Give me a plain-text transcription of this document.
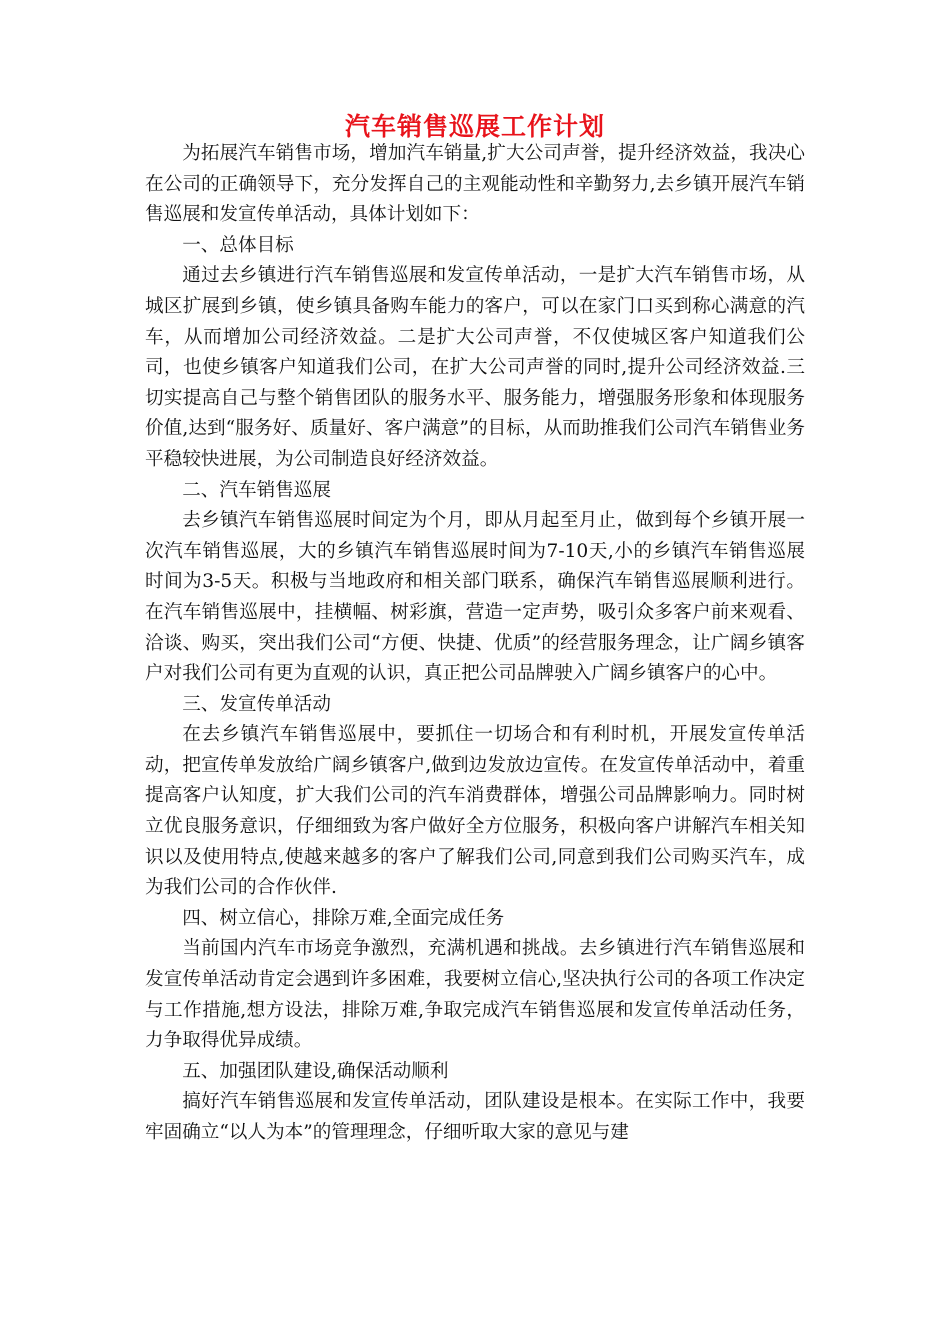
汽车销售巡展工作计划

为拓展汽车销售市场，增加汽车销量,扩大公司声誉，提升经济效益，我决心在公司的正确领导下，充分发挥自己的主观能动性和辛勤努力,去乡镇开展汽车销售巡展和发宣传单活动，具体计划如下：

一、总体目标

通过去乡镇进行汽车销售巡展和发宣传单活动，一是扩大汽车销售市场，从城区扩展到乡镇，使乡镇具备购车能力的客户，可以在家门口买到称心满意的汽车，从而增加公司经济效益。二是扩大公司声誉，不仅使城区客户知道我们公司，也使乡镇客户知道我们公司，在扩大公司声誉的同时,提升公司经济效益.三切实提高自己与整个销售团队的服务水平、服务能力，增强服务形象和体现服务价值,达到“服务好、质量好、客户满意”的目标，从而助推我们公司汽车销售业务平稳较快进展，为公司制造良好经济效益。

二、汽车销售巡展

去乡镇汽车销售巡展时间定为个月，即从月起至月止，做到每个乡镇开展一次汽车销售巡展，大的乡镇汽车销售巡展时间为7-10天,小的乡镇汽车销售巡展时间为3-5天。积极与当地政府和相关部门联系，确保汽车销售巡展顺利进行。在汽车销售巡展中，挂横幅、树彩旗，营造一定声势，吸引众多客户前来观看、洽谈、购买，突出我们公司“方便、快捷、优质”的经营服务理念，让广阔乡镇客户对我们公司有更为直观的认识，真正把公司品牌驶入广阔乡镇客户的心中。

三、发宣传单活动

在去乡镇汽车销售巡展中，要抓住一切场合和有利时机，开展发宣传单活动，把宣传单发放给广阔乡镇客户,做到边发放边宣传。在发宣传单活动中，着重提高客户认知度，扩大我们公司的汽车消费群体，增强公司品牌影响力。同时树立优良服务意识，仔细细致为客户做好全方位服务，积极向客户讲解汽车相关知识以及使用特点,使越来越多的客户了解我们公司,同意到我们公司购买汽车，成为我们公司的合作伙伴.

四、树立信心，排除万难,全面完成任务

当前国内汽车市场竞争激烈，充满机遇和挑战。去乡镇进行汽车销售巡展和发宣传单活动肯定会遇到许多困难，我要树立信心,坚决执行公司的各项工作决定与工作措施,想方设法，排除万难,争取完成汽车销售巡展和发宣传单活动任务，力争取得优异成绩。

五、加强团队建设,确保活动顺利

搞好汽车销售巡展和发宣传单活动，团队建设是根本。在实际工作中，我要牢固确立“以人为本”的管理理念，仔细听取大家的意见与建
